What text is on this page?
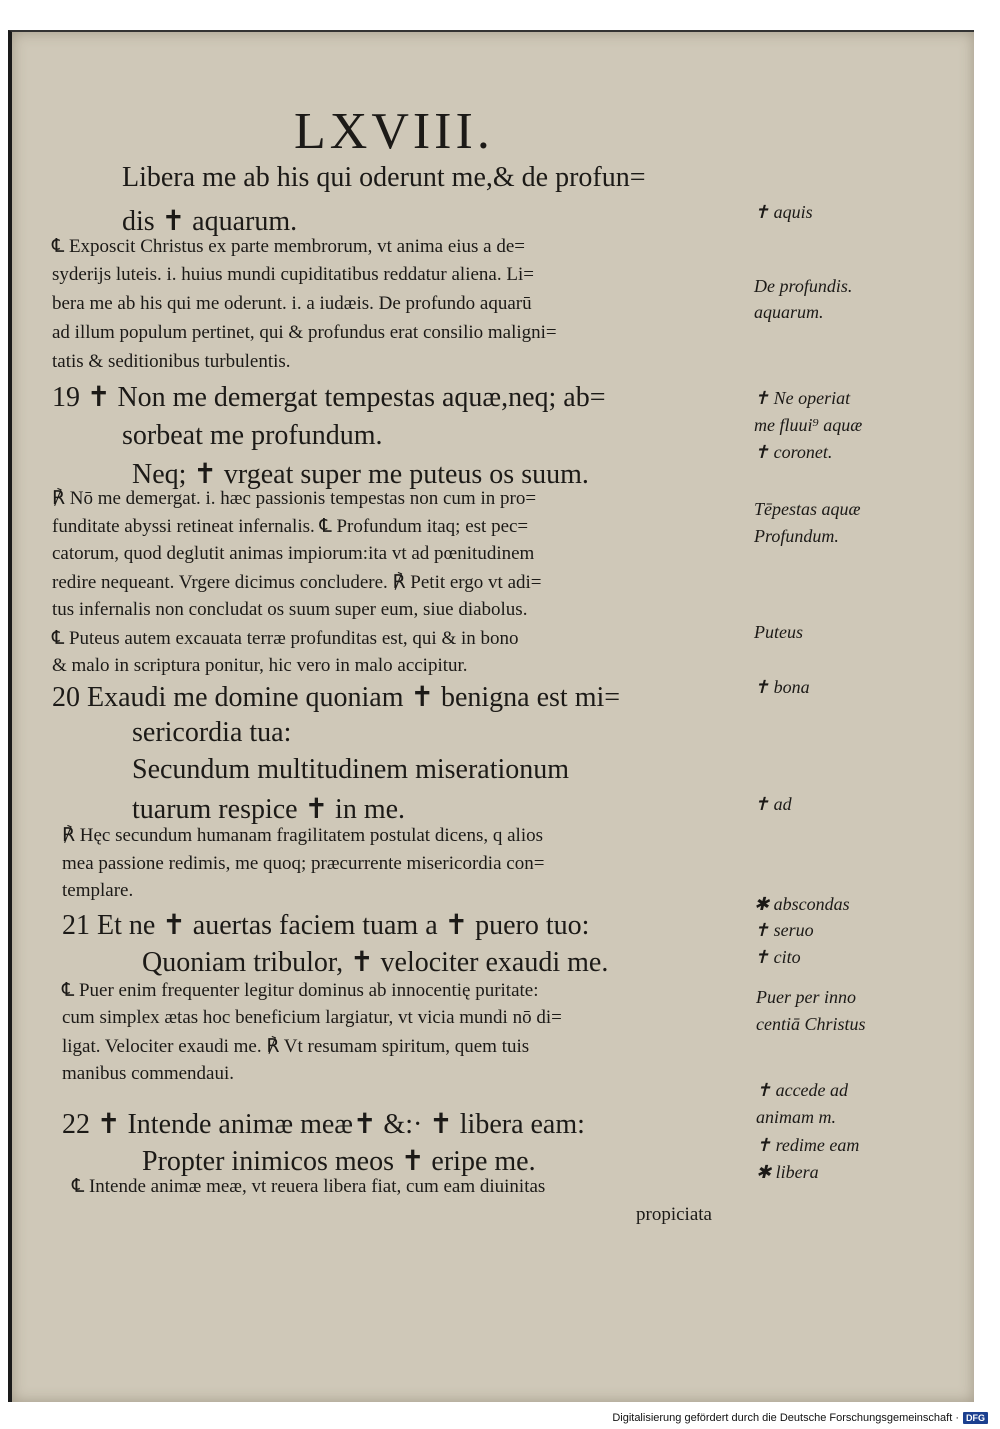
LXVIII.
Libera me ab his qui oderunt me,& de profun=
dis ✝ aquarum.
℄ Exposcit Christus ex parte membrorum, vt anima eius a de=
syderijs luteis. i. huius mundi cupiditatibus reddatur aliena. Li=
bera me ab his qui me oderunt. i. a iudæis. De profundo aquarū
ad illum populum pertinet, qui & profundus erat consilio maligni=
tatis & seditionibus turbulentis.
19 ✝ Non me demergat tempestas aquæ,neq; ab=
sorbeat me profundum.
Neq; ✝ vrgeat super me puteus os suum.
℟ Nō me demergat. i. hæc passionis tempestas non cum in pro=
funditate abyssi retineat infernalis. ℄ Profundum itaq; est pec=
catorum, quod deglutit animas impiorum:ita vt ad pœnitudinem
redire nequeant. Vrgere dicimus concludere. ℟ Petit ergo vt adi=
tus infernalis non concludat os suum super eum, siue diabolus.
℄ Puteus autem excauata terræ profunditas est, qui & in bono
& malo in scriptura ponitur, hic vero in malo accipitur.
20 Exaudi me domine quoniam ✝ benigna est mi=
sericordia tua:
Secundum multitudinem miserationum
tuarum respice ✝ in me.
℟ Hęc secundum humanam fragilitatem postulat dicens, q alios
mea passione redimis, me quoq; præcurrente misericordia con=
templare.
21 Et ne ✝ auertas faciem tuam a ✝ puero tuo:
Quoniam tribulor, ✝ velociter exaudi me.
℄ Puer enim frequenter legitur dominus ab innocentię puritate:
cum simplex ætas hoc beneficium largiatur, vt vicia mundi nō di=
ligat. Velociter exaudi me. ℟ Vt resumam spiritum, quem tuis
manibus commendaui.
22 ✝ Intende animæ meæ✝ &:· ✝ libera eam:
Propter inimicos meos ✝ eripe me.
℄ Intende animæ meæ, vt reuera libera fiat, cum eam diuinitas
propiciata
✝ aquis
De profundis.
aquarum.
✝ Ne operiat
me fluui⁹ aquæ
✝ coronet.
Tēpestas aquæ
Profundum.
Puteus
✝ bona
✝ ad
✱ abscondas
✝ seruo
✝ cito
Puer per inno
centiā Christus
✝ accede ad
animam m.
✝ redime eam
✱ libera
Digitalisierung gefördert durch die Deutsche Forschungsgemeinschaft · DFG
